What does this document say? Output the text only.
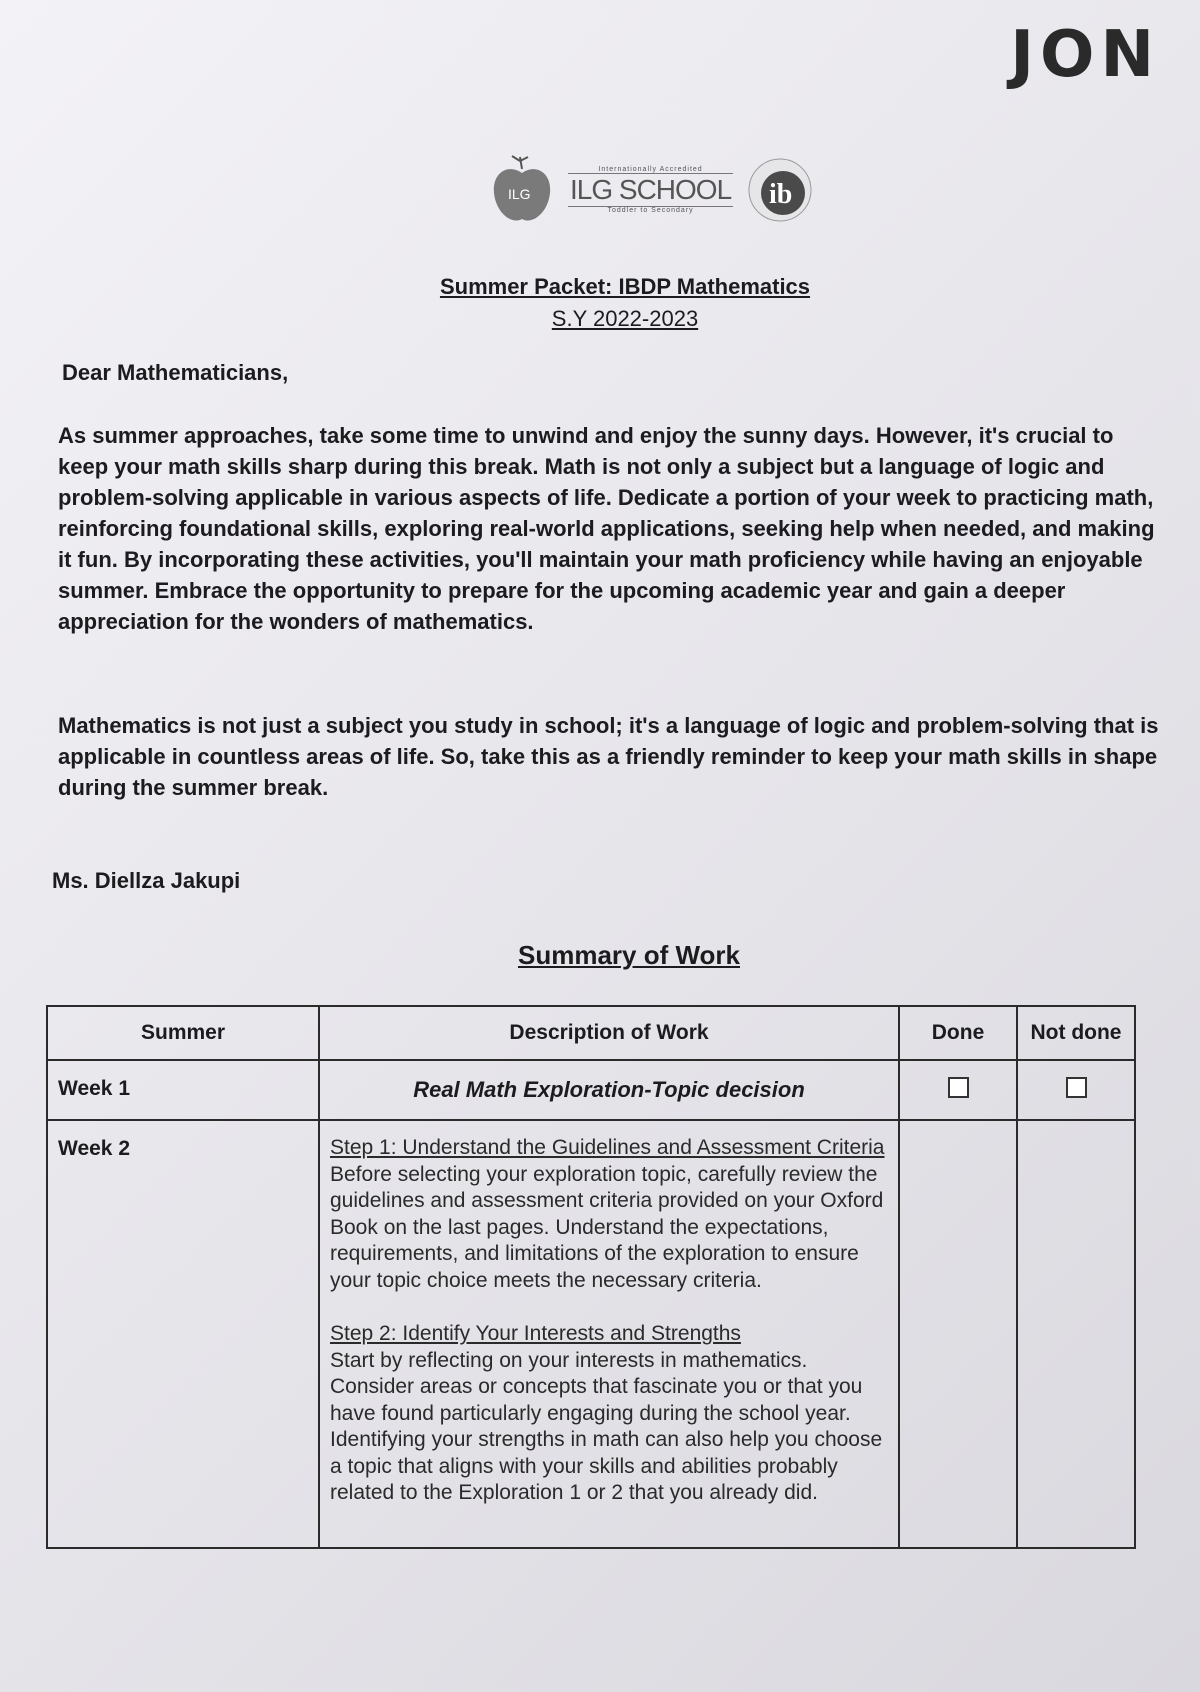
JON
ILG
Internationally Accredited
ILG SCHOOL
Toddler to Secondary
ib
Summer Packet: IBDP Mathematics
S.Y 2022-2023
Dear Mathematicians,
As summer approaches, take some time to unwind and enjoy the sunny days. However, it's crucial to keep your math skills sharp during this break. Math is not only a subject but a language of logic and problem-solving applicable in various aspects of life. Dedicate a portion of your week to practicing math, reinforcing foundational skills, exploring real-world applications, seeking help when needed, and making it fun. By incorporating these activities, you'll maintain your math proficiency while having an enjoyable summer. Embrace the opportunity to prepare for the upcoming academic year and gain a deeper appreciation for the wonders of mathematics.
Mathematics is not just a subject you study in school; it's a language of logic and problem-solving that is applicable in countless areas of life. So, take this as a friendly reminder to keep your math skills in shape during the summer break.
Ms. Diellza Jakupi
Summary of Work
Summer	Description of Work	Done	Not done
Week 1	Real Math Exploration-Topic decision		
Week 2	Step 1: Understand the Guidelines and Assessment Criteria
Before selecting your exploration topic, carefully review the guidelines and assessment criteria provided on your Oxford Book on the last pages. Understand the expectations, requirements, and limitations of the exploration to ensure your topic choice meets the necessary criteria.
Step 2: Identify Your Interests and Strengths
Start by reflecting on your interests in mathematics. Consider areas or concepts that fascinate you or that you have found particularly engaging during the school year. Identifying your strengths in math can also help you choose a topic that aligns with your skills and abilities probably related to the Exploration 1 or 2 that you already did.		
